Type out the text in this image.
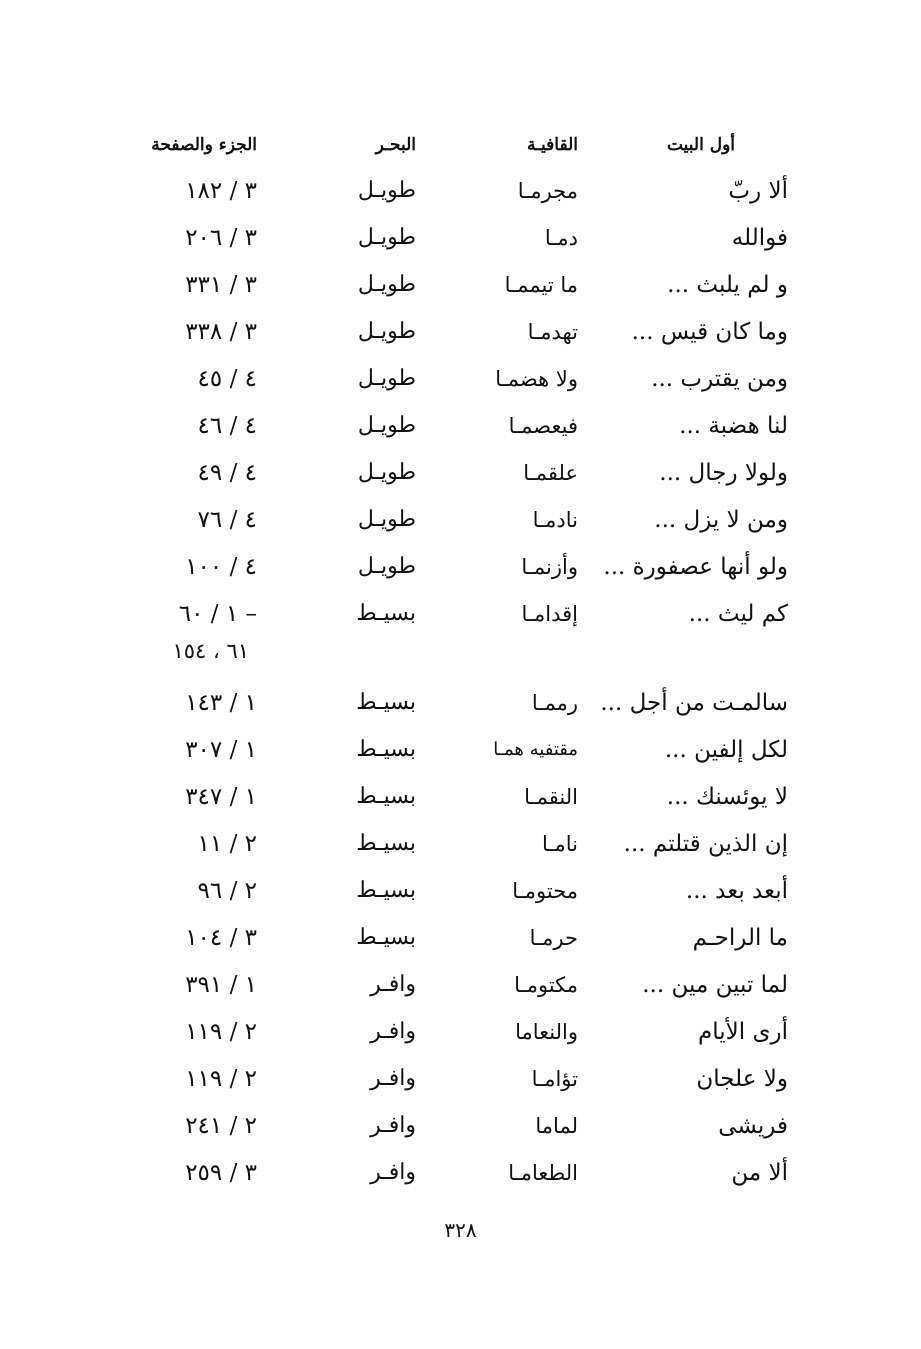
أول البيت
القافيـة
البحـر
الجزء والصفحة
ألا ربّ
مجرمـا
طويـل
٣ / ١٨٢
فوالله
دمـا
طويـل
٣ / ٢٠٦
و لم يلبث ...
ما تيممـا
طويـل
٣ / ٣٣١
وما كان قيس ...
تهدمـا
طويـل
٣ / ٣٣٨
ومن يقترب ...
ولا هضمـا
طويـل
٤ / ٤٥
لنا هضبة ...
فيعصمـا
طويـل
٤ / ٤٦
ولولا رجال ...
علقمـا
طويـل
٤ / ٤٩
ومن لا يزل ...
نادمـا
طويـل
٤ / ٧٦
ولو أنها عصفورة ...
وأزنمـا
طويـل
٤ / ١٠٠
كم ليث ...
إقدامـا
بسيـط
١ / ٦٠ –
٦١ ، ١٥٤
سالمـت من أجل ...
رممـا
بسيـط
١ / ١٤٣
لكل إلفين ...
مقتفيه همـا
بسيـط
١ / ٣٠٧
لا يوئسنك ...
النقمـا
بسيـط
١ / ٣٤٧
إن الذين قتلتم ...
نامـا
بسيـط
٢ / ١١
أبعد بعد ...
محتومـا
بسيـط
٢ / ٩٦
ما الراحـم
حرمـا
بسيـط
٣ / ١٠٤
لما تبين مين ...
مكتومـا
وافـر
١ / ٣٩١
أرى الأيام
والنعاما
وافـر
٢ / ١١٩
ولا علجان
تؤامـا
وافـر
٢ / ١١٩
فريشى
لماما
وافـر
٢ / ٢٤١
ألا من
الطعامـا
وافـر
٣ / ٢٥٩
٣٢٨
